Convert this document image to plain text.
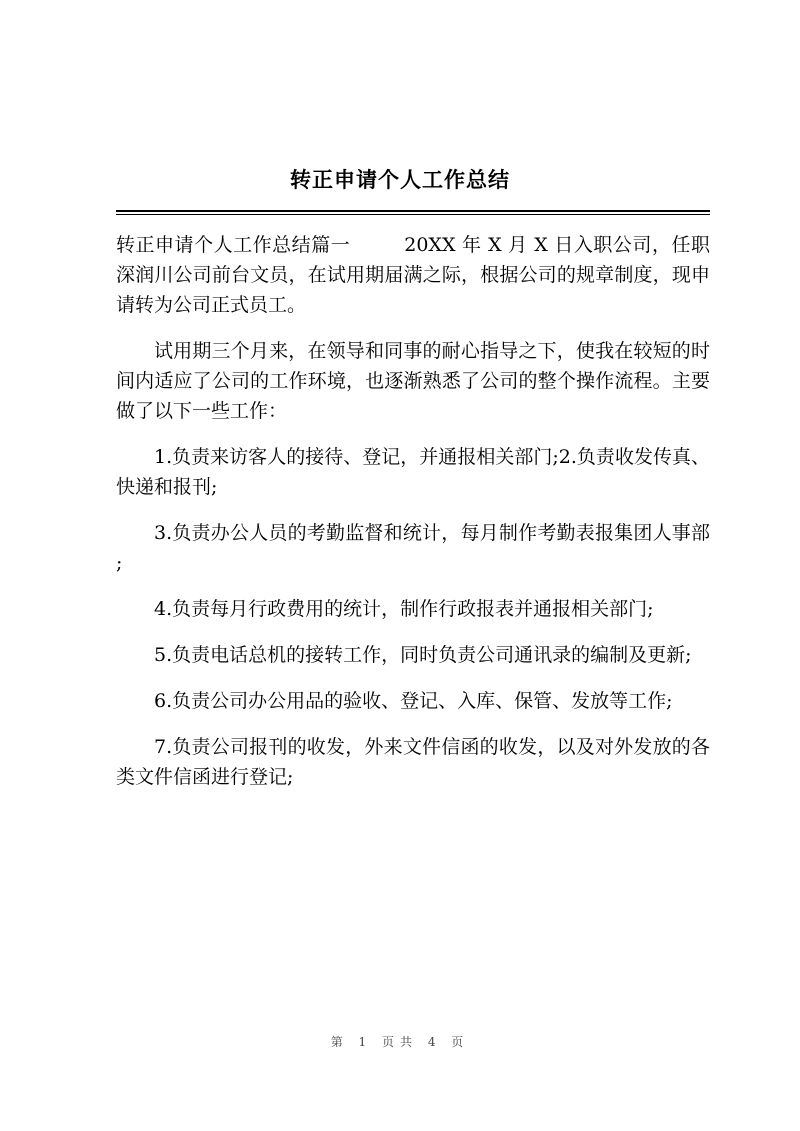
转正申请个人工作总结

转正申请个人工作总结篇一	20XX 年 X 月 X 日入职公司，任职深润川公司前台文员，在试用期届满之际，根据公司的规章制度，现申请转为公司正式员工。

试用期三个月来，在领导和同事的耐心指导之下，使我在较短的时间内适应了公司的工作环境，也逐渐熟悉了公司的整个操作流程。主要做了以下一些工作：

1.负责来访客人的接待、登记，并通报相关部门;2.负责收发传真、快递和报刊;

3.负责办公人员的考勤监督和统计，每月制作考勤表报集团人事部;

4.负责每月行政费用的统计，制作行政报表并通报相关部门;

5.负责电话总机的接转工作，同时负责公司通讯录的编制及更新;

6.负责公司办公用品的验收、登记、入库、保管、发放等工作;

7.负责公司报刊的收发，外来文件信函的收发，以及对外发放的各类文件信函进行登记;

第 1 页共 4 页
